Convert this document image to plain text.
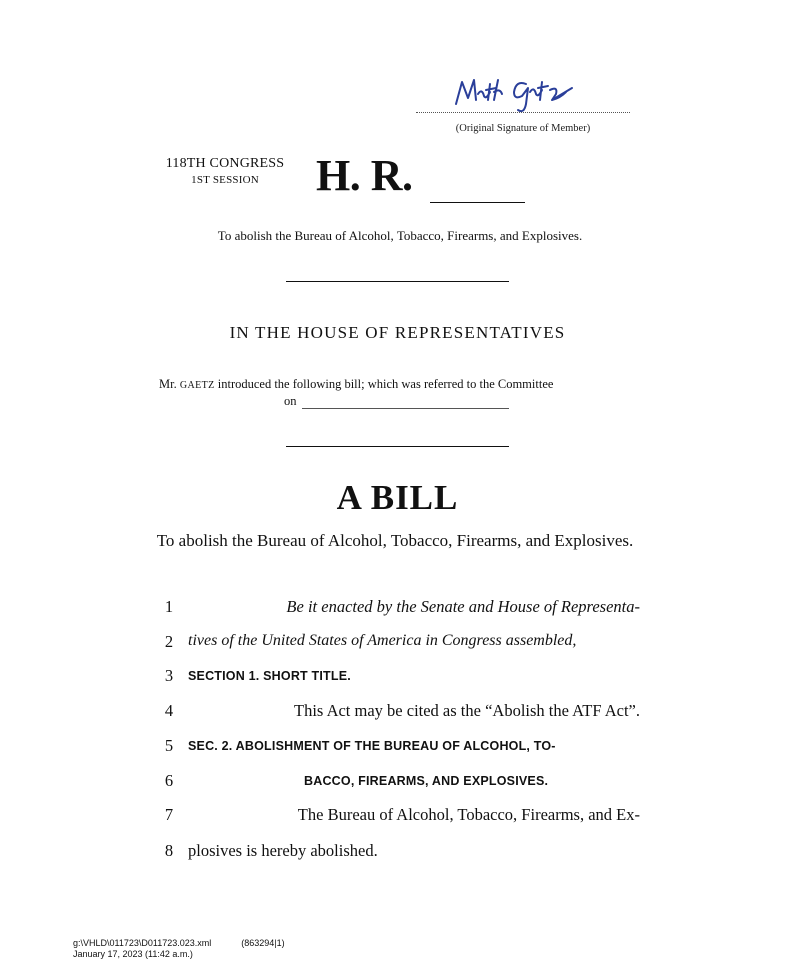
(Original Signature of Member)
118TH CONGRESS
1ST SESSION	H. R.
To abolish the Bureau of Alcohol, Tobacco, Firearms, and Explosives.
IN THE HOUSE OF REPRESENTATIVES
Mr. GAETZ introduced the following bill; which was referred to the Committee
on
A BILL
To abolish the Bureau of Alcohol, Tobacco, Firearms, and Explosives.
1	Be it enacted by the Senate and House of Representa-
2 tives of the United States of America in Congress assembled,
3	SECTION 1. SHORT TITLE.
4	This Act may be cited as the “Abolish the ATF Act”.
5	SEC. 2. ABOLISHMENT OF THE BUREAU OF ALCOHOL, TO-
6	BACCO, FIREARMS, AND EXPLOSIVES.
7	The Bureau of Alcohol, Tobacco, Firearms, and Ex-
8 plosives is hereby abolished.
g:\VHLD\011723\D011723.023.xml	(863294|1)
January 17, 2023 (11:42 a.m.)
